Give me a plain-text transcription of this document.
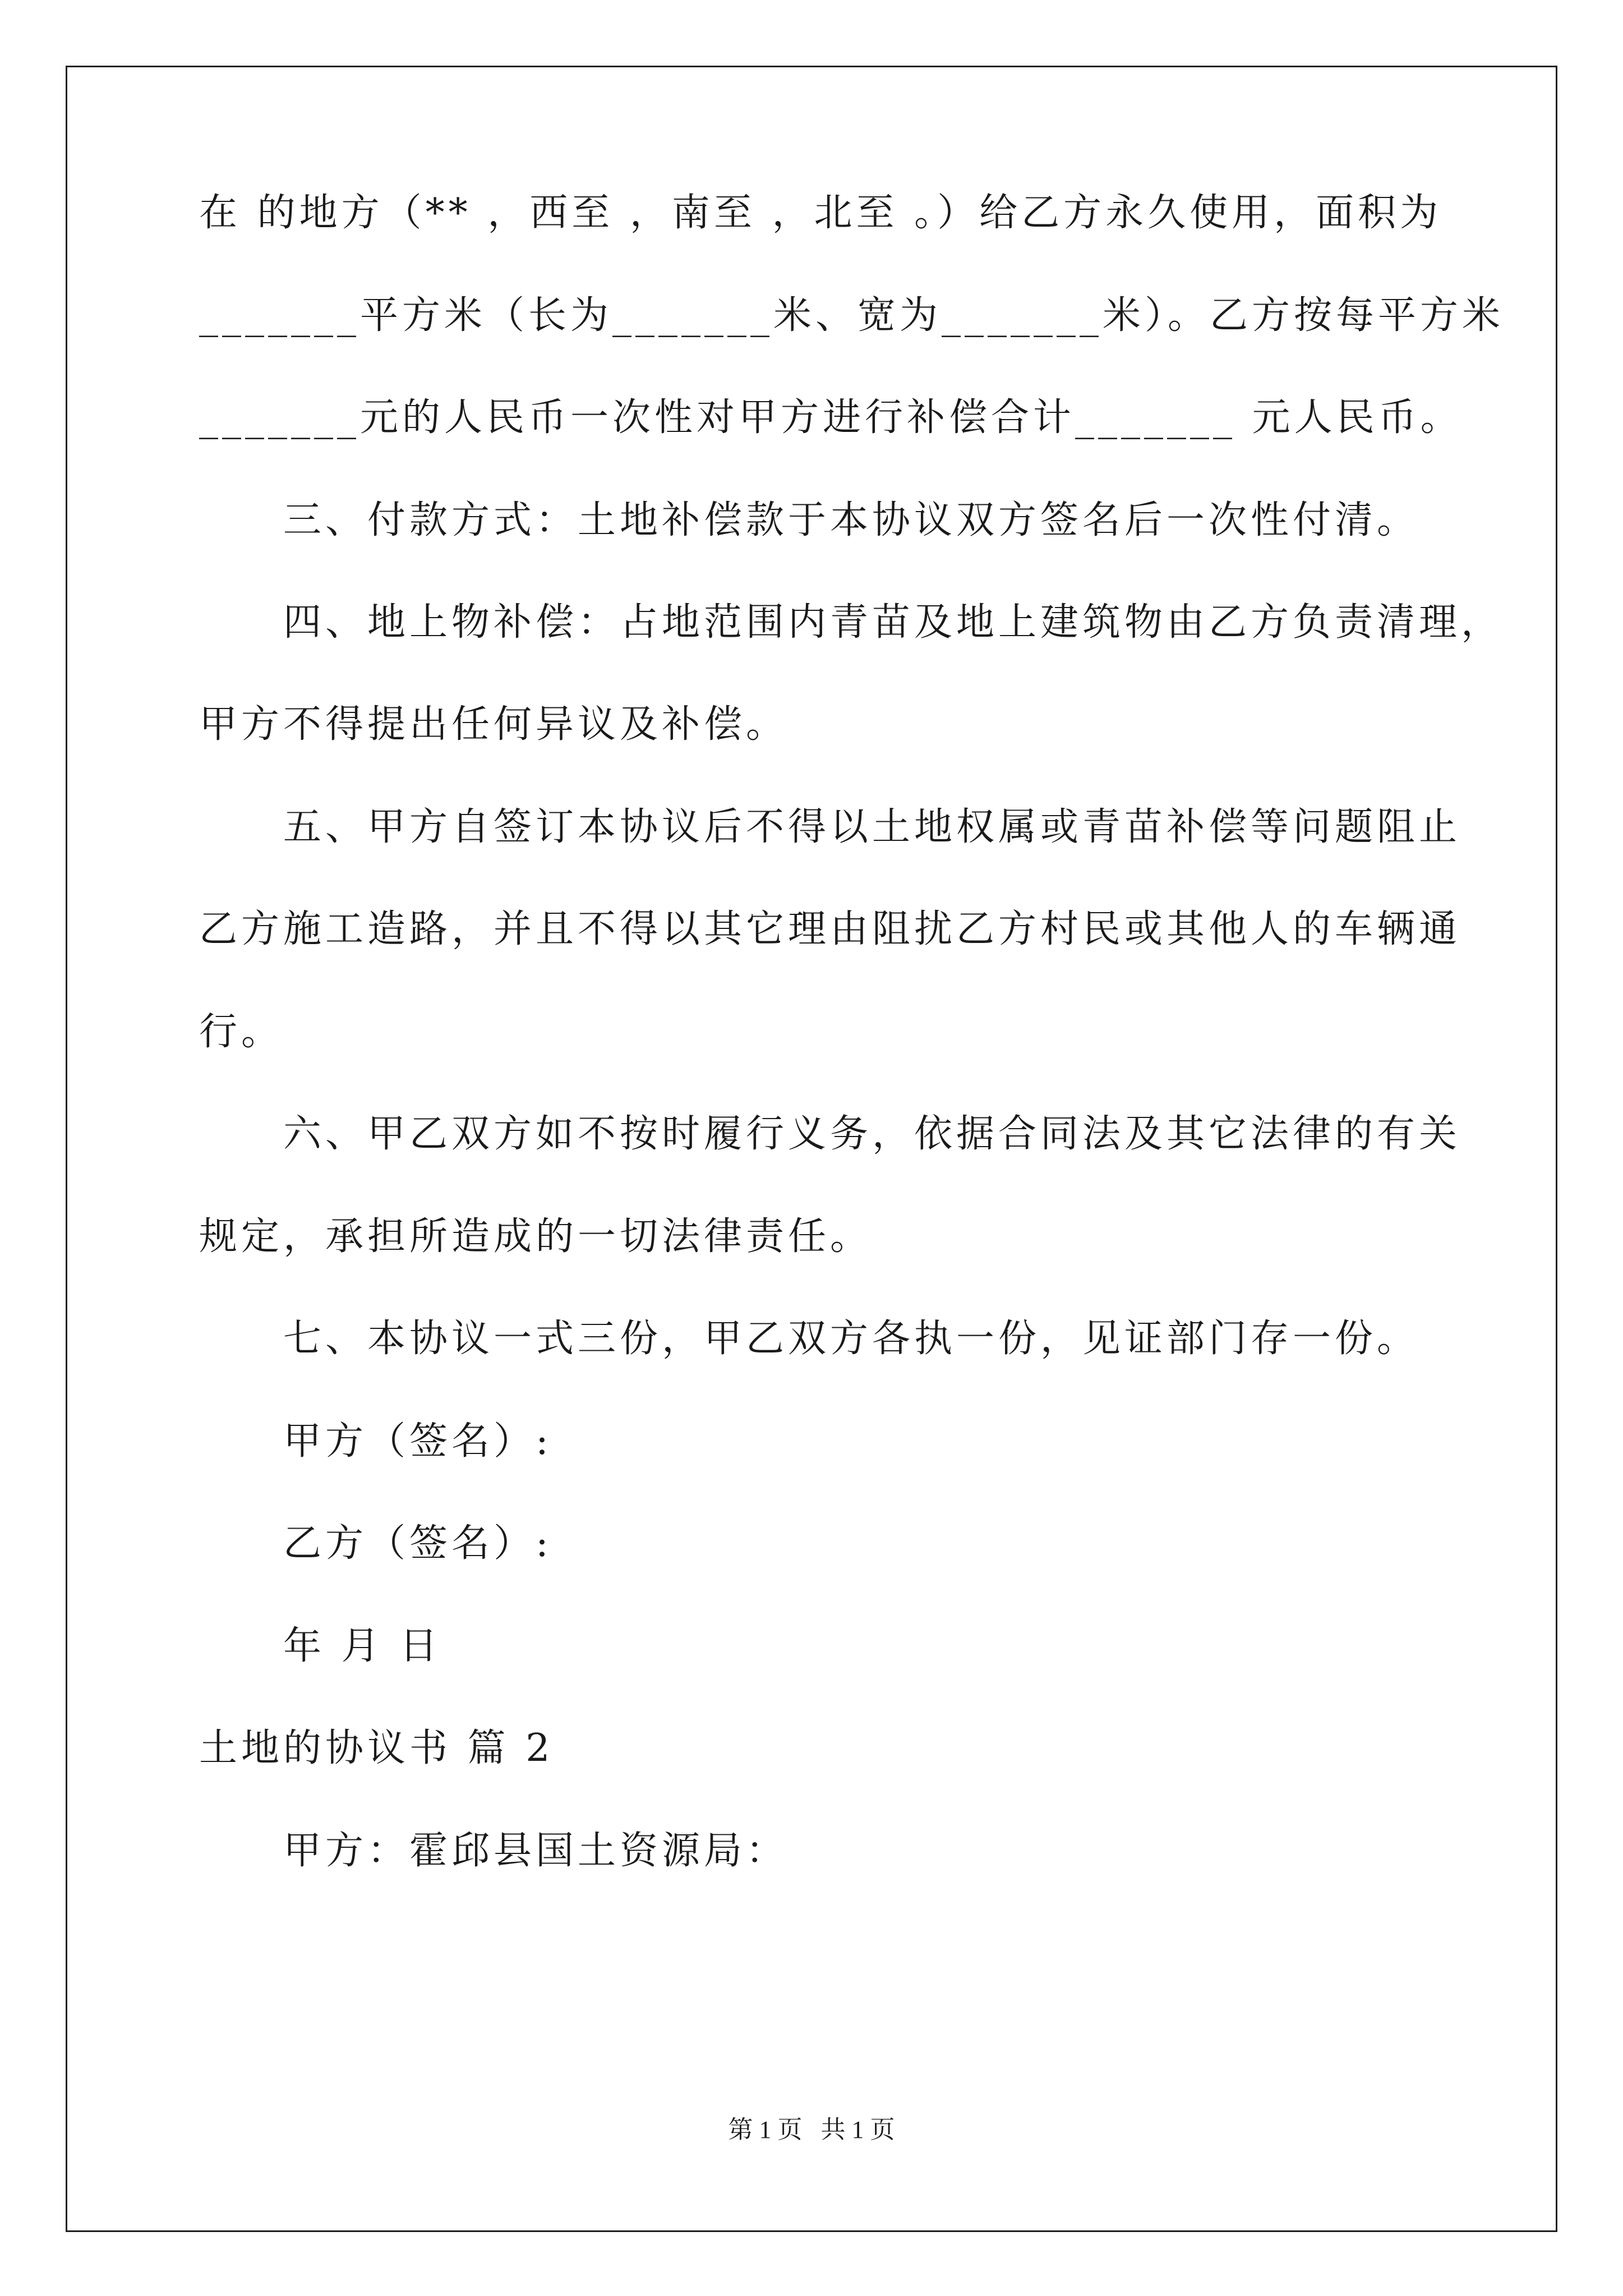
在 的地方（** ，西至 ，南至 ，北至 。）给乙方永久使用，面积为
_______平方米（长为_______米、宽为_______米）。乙方按每平方米
_______元的人民币一次性对甲方进行补偿合计_______ 元人民币。
三、付款方式：土地补偿款于本协议双方签名后一次性付清。
四、地上物补偿：占地范围内青苗及地上建筑物由乙方负责清理，
甲方不得提出任何异议及补偿。
五、甲方自签订本协议后不得以土地权属或青苗补偿等问题阻止
乙方施工造路，并且不得以其它理由阻扰乙方村民或其他人的车辆通
行。
六、甲乙双方如不按时履行义务，依据合同法及其它法律的有关
规定，承担所造成的一切法律责任。
七、本协议一式三份，甲乙双方各执一份，见证部门存一份。
甲方（签名）:
乙方（签名）:
年 月 日
土地的协议书 篇 2
甲方：霍邱县国土资源局：
第 1 页   共 1 页
